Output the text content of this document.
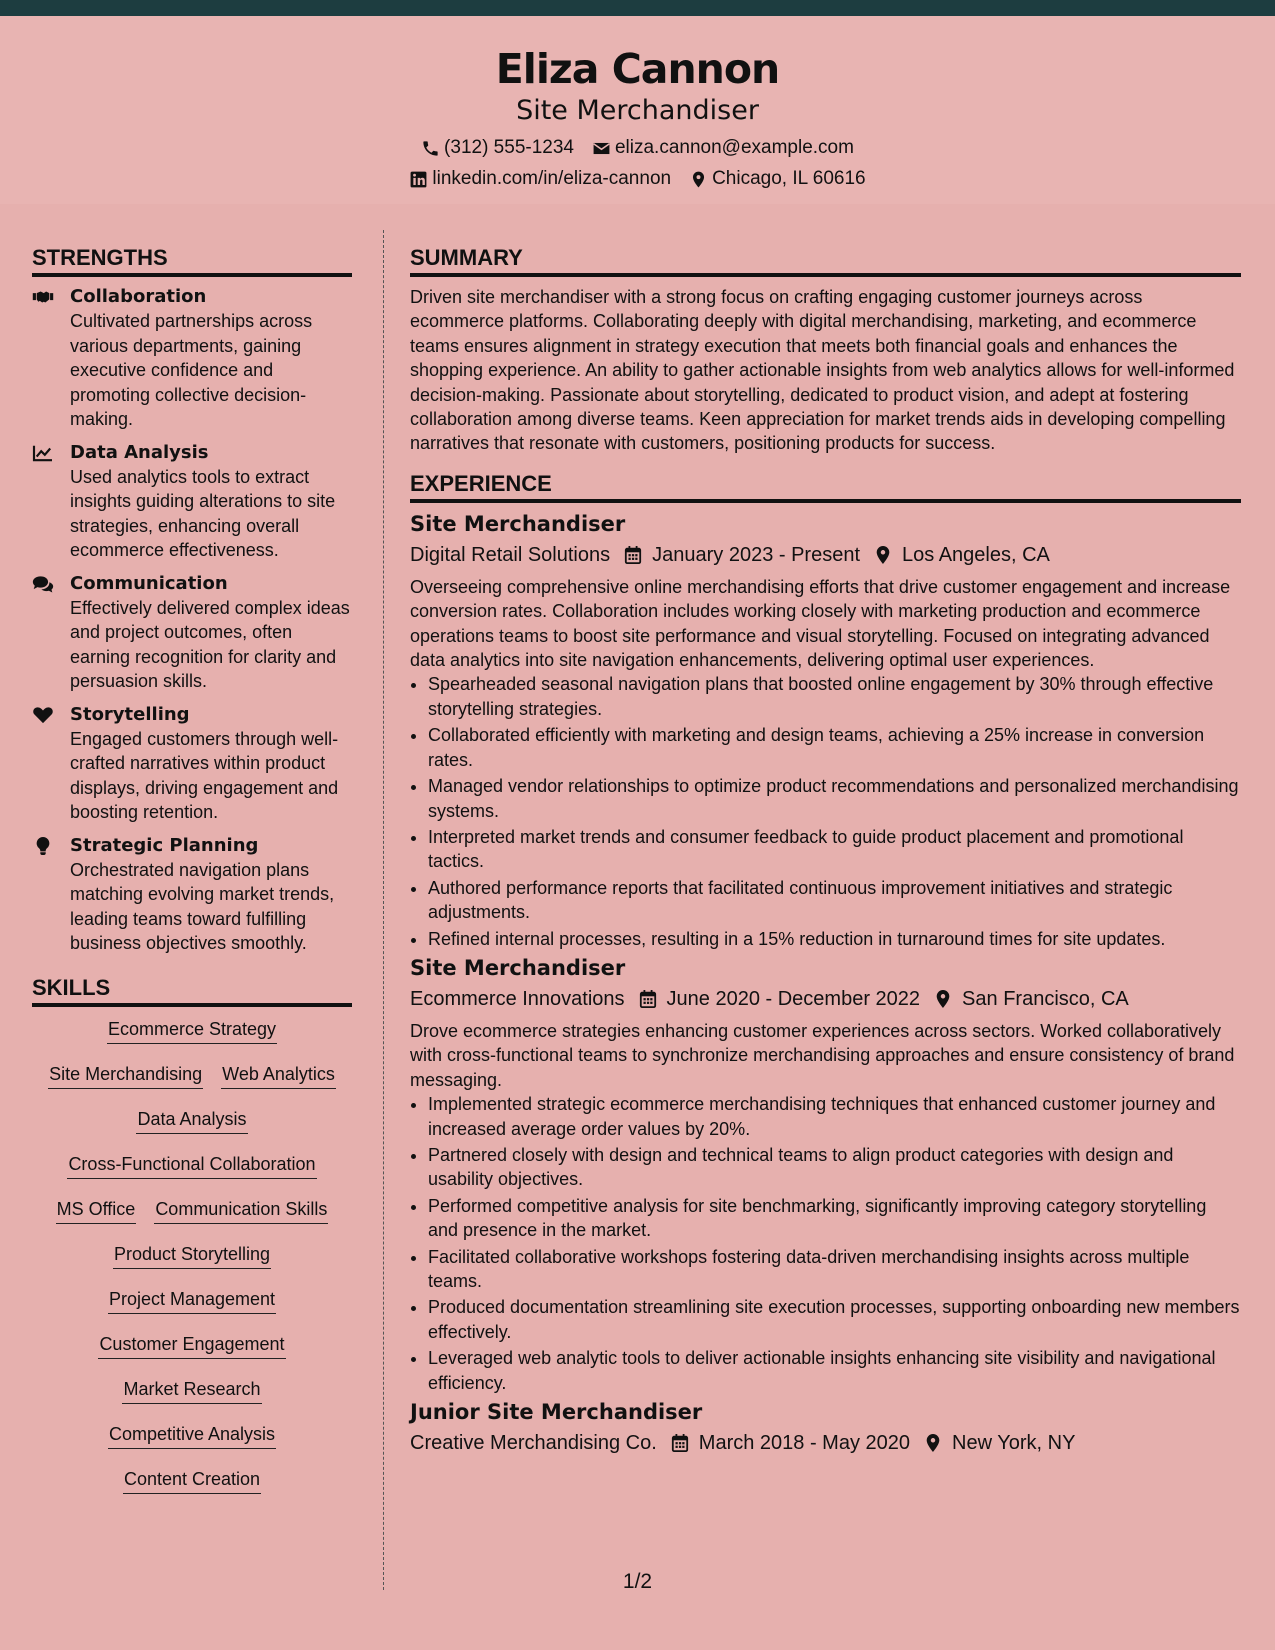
Eliza Cannon
Site Merchandiser
(312) 555-1234 eliza.cannon@example.com
linkedin.com/in/eliza-cannon Chicago, IL 60616
STRENGTHS
Collaboration
Cultivated partnerships across various departments, gaining executive confidence and promoting collective decision-making.
Data Analysis
Used analytics tools to extract insights guiding alterations to site strategies, enhancing overall ecommerce effectiveness.
Communication
Effectively delivered complex ideas and project outcomes, often earning recognition for clarity and persuasion skills.
Storytelling
Engaged customers through well-crafted narratives within product displays, driving engagement and boosting retention.
Strategic Planning
Orchestrated navigation plans matching evolving market trends, leading teams toward fulfilling business objectives smoothly.
SKILLS
Ecommerce Strategy
Site Merchandising Web Analytics
Data Analysis
Cross-Functional Collaboration
MS Office Communication Skills
Product Storytelling
Project Management
Customer Engagement
Market Research
Competitive Analysis
Content Creation
SUMMARY
Driven site merchandiser with a strong focus on crafting engaging customer journeys across ecommerce platforms. Collaborating deeply with digital merchandising, marketing, and ecommerce teams ensures alignment in strategy execution that meets both financial goals and enhances the shopping experience. An ability to gather actionable insights from web analytics allows for well-informed decision-making. Passionate about storytelling, dedicated to product vision, and adept at fostering collaboration among diverse teams. Keen appreciation for market trends aids in developing compelling narratives that resonate with customers, positioning products for success.
EXPERIENCE
Site Merchandiser
Digital Retail Solutions January 2023 - Present Los Angeles, CA
Overseeing comprehensive online merchandising efforts that drive customer engagement and increase conversion rates. Collaboration includes working closely with marketing production and ecommerce operations teams to boost site performance and visual storytelling. Focused on integrating advanced data analytics into site navigation enhancements, delivering optimal user experiences.
• Spearheaded seasonal navigation plans that boosted online engagement by 30% through effective storytelling strategies.
• Collaborated efficiently with marketing and design teams, achieving a 25% increase in conversion rates.
• Managed vendor relationships to optimize product recommendations and personalized merchandising systems.
• Interpreted market trends and consumer feedback to guide product placement and promotional tactics.
• Authored performance reports that facilitated continuous improvement initiatives and strategic adjustments.
• Refined internal processes, resulting in a 15% reduction in turnaround times for site updates.
Site Merchandiser
Ecommerce Innovations June 2020 - December 2022 San Francisco, CA
Drove ecommerce strategies enhancing customer experiences across sectors. Worked collaboratively with cross-functional teams to synchronize merchandising approaches and ensure consistency of brand messaging.
• Implemented strategic ecommerce merchandising techniques that enhanced customer journey and increased average order values by 20%.
• Partnered closely with design and technical teams to align product categories with design and usability objectives.
• Performed competitive analysis for site benchmarking, significantly improving category storytelling and presence in the market.
• Facilitated collaborative workshops fostering data-driven merchandising insights across multiple teams.
• Produced documentation streamlining site execution processes, supporting onboarding new members effectively.
• Leveraged web analytic tools to deliver actionable insights enhancing site visibility and navigational efficiency.
Junior Site Merchandiser
Creative Merchandising Co. March 2018 - May 2020 New York, NY
1/2
